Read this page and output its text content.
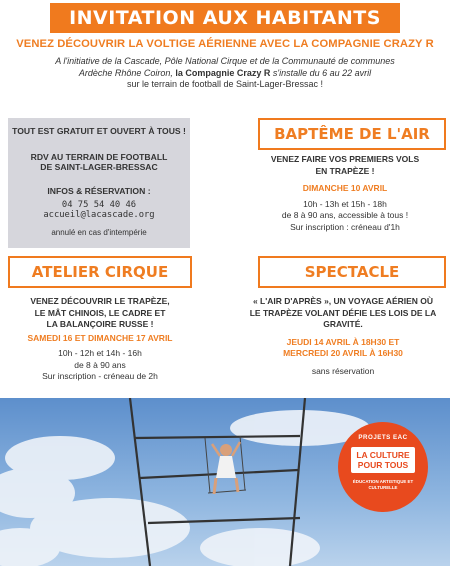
INVITATION AUX HABITANTS
VENEZ DÉCOUVRIR LA VOLTIGE AÉRIENNE AVEC LA COMPAGNIE CRAZY R
A l'initiative de la Cascade, Pôle National Cirque et de la Communauté de communes
Ardèche Rhône Coiron, la Compagnie Crazy R s'installe du 6 au 22 avril
sur le terrain de football de Saint-Lager-Bressac !

TOUT EST GRATUIT ET OUVERT À TOUS !

RDV AU TERRAIN DE FOOTBALL

DE SAINT-LAGER-BRESSAC

INFOS & RÉSERVATION :

04 75 54 40 46

accueil@lacascade.org

annulé en cas d'intempérie

BAPTÊME DE L'AIR
VENEZ FAIRE VOS PREMIERS VOLS
EN TRAPÈZE !
DIMANCHE 10 AVRIL
10h - 13h et 15h - 18h
de 8 à 90 ans, accessible à tous !
Sur inscription : créneau d'1h
ATELIER CIRQUE
VENEZ DÉCOUVRIR LE TRAPÈZE,
LE MÂT CHINOIS, LE CADRE ET
LA BALANÇOIRE RUSSE !
SAMEDI 16 ET DIMANCHE 17 AVRIL
10h - 12h et 14h - 16h
de 8 à 90 ans
Sur inscription - créneau de 2h
SPECTACLE
« L'AIR D'APRÈS », UN VOYAGE AÉRIEN OÙ
LE TRAPÈZE VOLANT DÉFIE LES LOIS DE LA
GRAVITÉ.
JEUDI 14 AVRIL À 18H30 ET
MERCREDI 20 AVRIL À 16H30
sans réservation
PROJETS EAC
LA CULTURE
POUR TOUS
ÉDUCATION ARTISTIQUE ET CULTURELLE
